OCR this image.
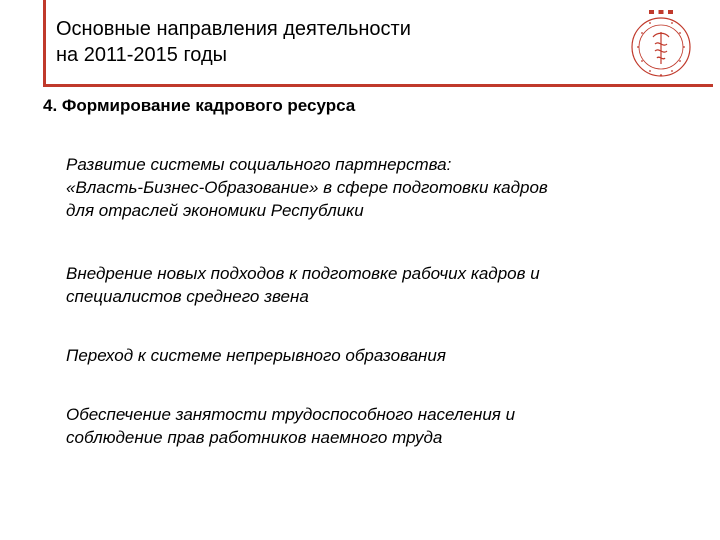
Основные направления деятельности
на 2011-2015 годы
4. Формирование кадрового ресурса
Развитие системы социального партнерства:
«Власть-Бизнес-Образование» в сфере подготовки кадров
для отраслей экономики Республики
Внедрение новых подходов к подготовке рабочих кадров и
специалистов среднего звена
Переход к системе непрерывного образования
Обеспечение занятости трудоспособного населения и
соблюдение прав работников наемного труда
